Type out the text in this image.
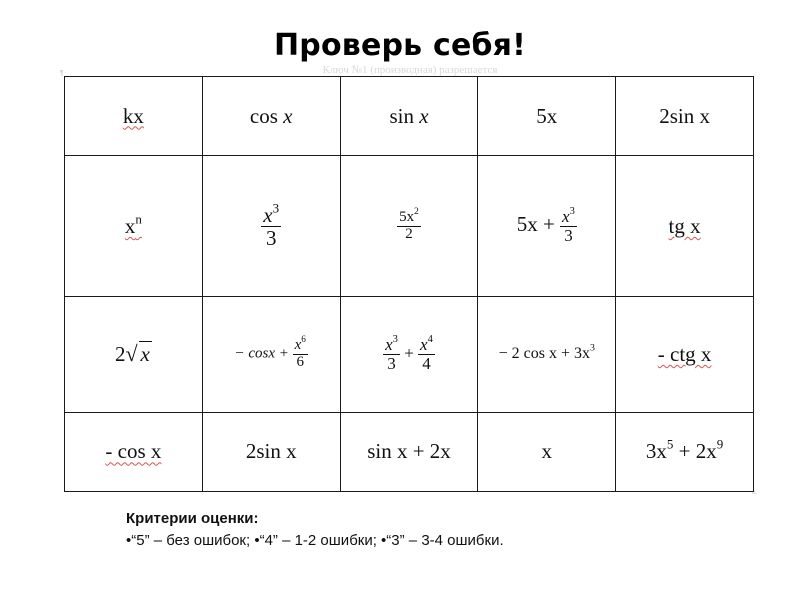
Проверь себя!
Ключ №1 (производная) разрешается
¶
¤
kx	cos x	sin x	5x	2sin x
$x^n$	$\frac{x^3}{3}$	$\frac{5x^2}{2}$	$5x + \frac{x^3}{3}$	tg x
2√ x	− $\cos x + \frac{x^6}{6}$	$\frac{x^3}{3} + \frac{x^4}{4}$	− 2 $\cos x + 3x^3$	- ctg x
- cos x	2sin x	sin x + 2x	x	$3x^5 + 2x^9$
Критерии оценки:
•“5” – без ошибок; •“4” – 1-2 ошибки; •“3” – 3-4 ошибки.
